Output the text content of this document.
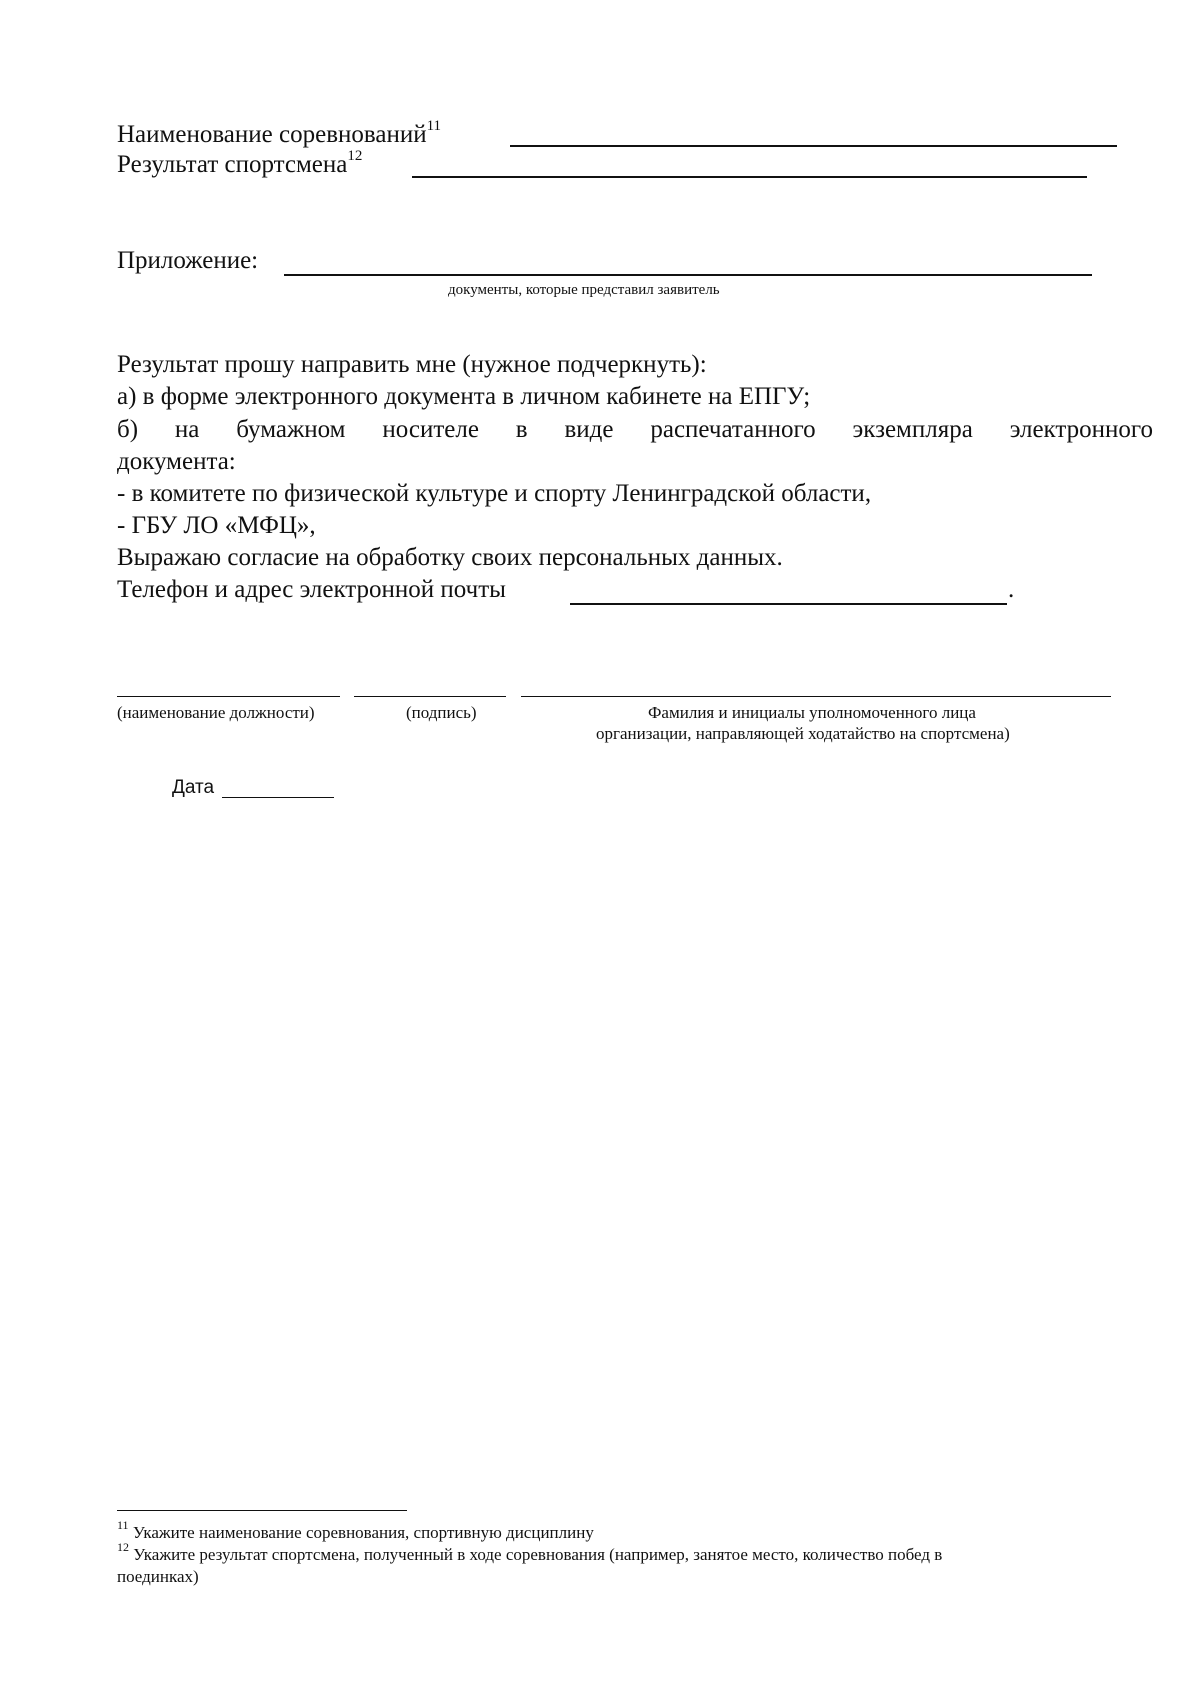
Наименование соревнований$^{11}$
Результат спортсмена$^{12}$
Приложение:
документы, которые представил заявитель
Результат прошу направить мне (нужное подчеркнуть):
а) в форме электронного документа в личном кабинете на ЕПГУ;
б) на бумажном носителе в виде распечатанного экземпляра электронного
документа:
- в комитете по физической культуре и спорту Ленинградской области,
- ГБУ ЛО «МФЦ»,
Выражаю согласие на обработку своих персональных данных.
Телефон и адрес электронной почты	.
(наименование должности)	(подпись)	Фамилия и инициалы уполномоченного лица
организации, направляющей ходатайство на спортсмена)
Дата
$^{11}$ Укажите наименование соревнования, спортивную дисциплину
$^{12}$ Укажите результат спортсмена, полученный в ходе соревнования (например, занятое место, количество побед в
поединках)
